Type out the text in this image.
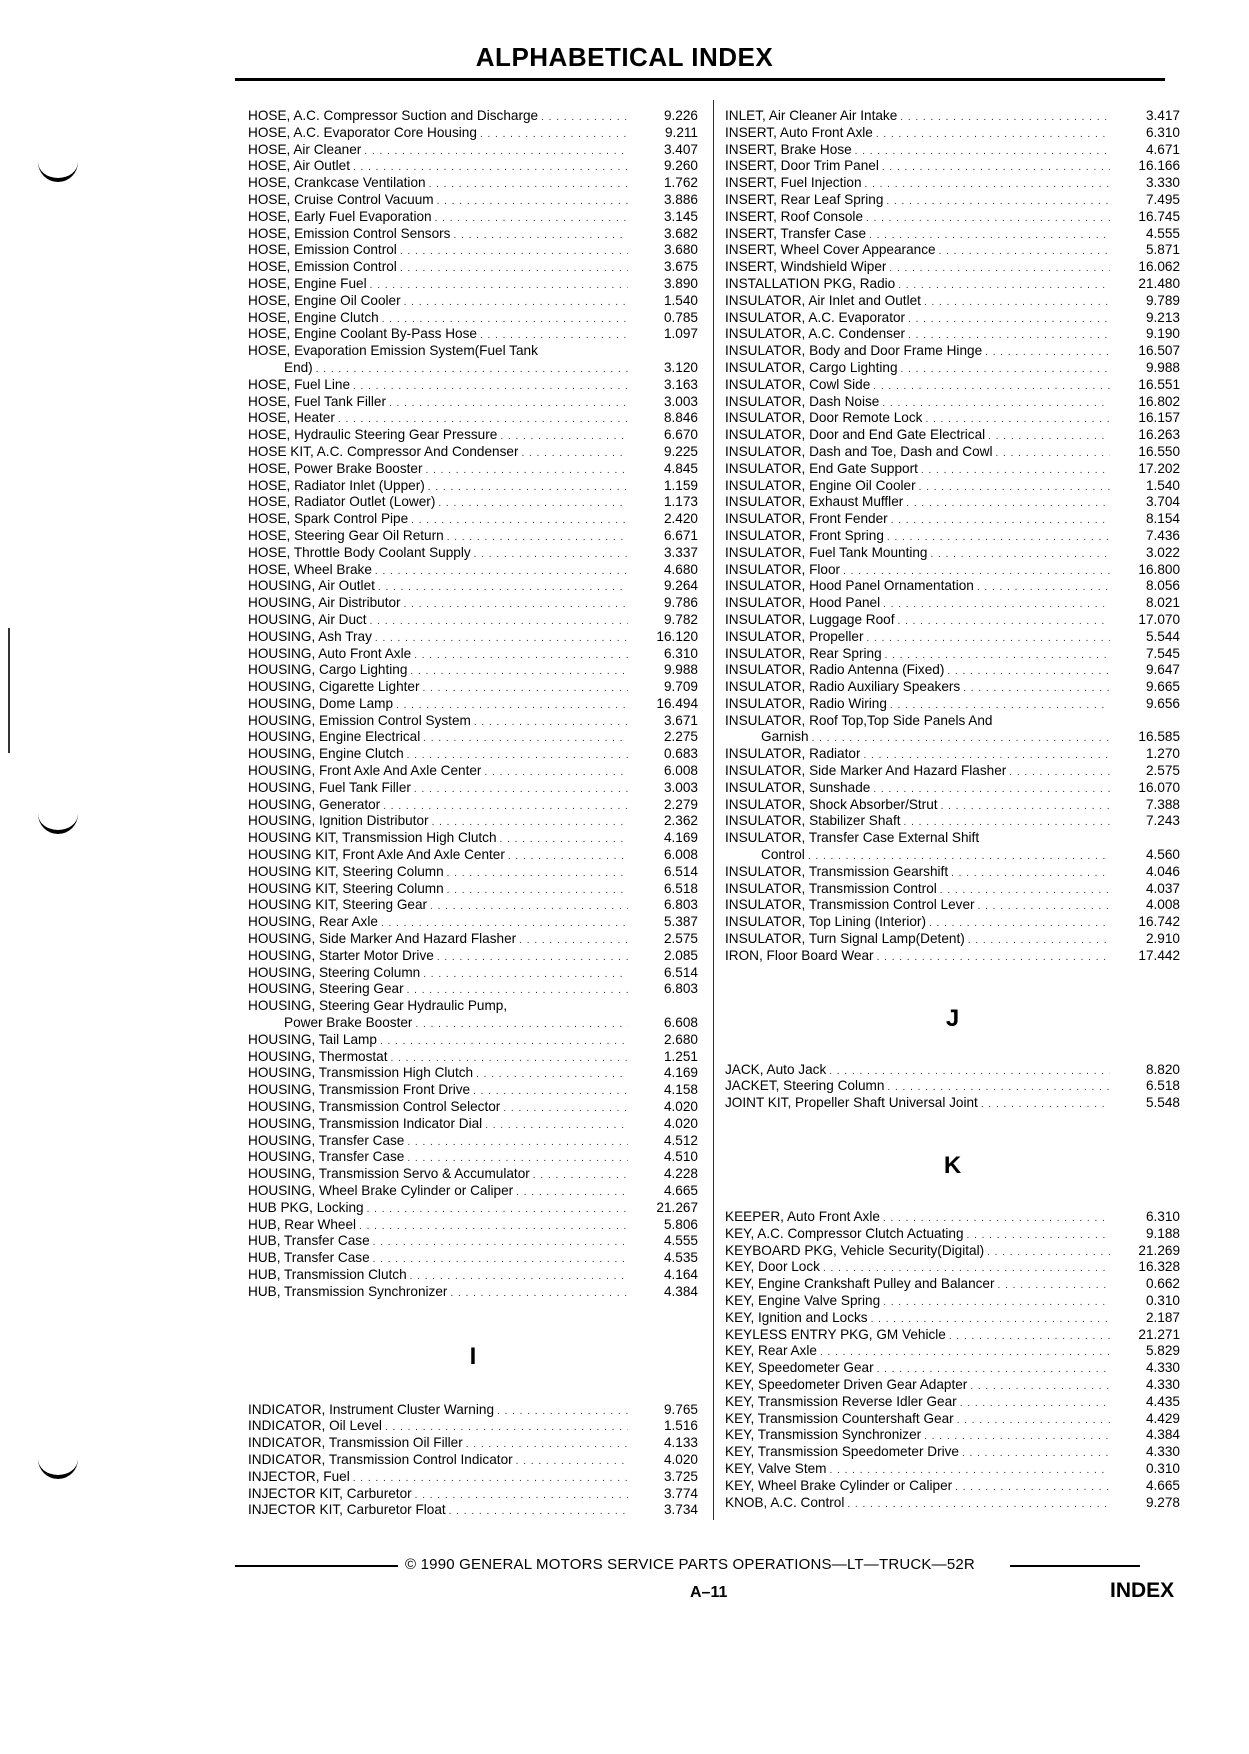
ALPHABETICAL INDEX
HOSE, A.C. Compressor Suction and Discharge . . .	9.226
HOSE, A.C. Evaporator Core Housing . . .	9.211
HOSE, Air Cleaner . . .	3.407
HOSE, Air Outlet . . .	9.260
HOSE, Crankcase Ventilation . . .	1.762
HOSE, Cruise Control Vacuum . . .	3.886
HOSE, Early Fuel Evaporation . . .	3.145
HOSE, Emission Control Sensors . . .	3.682
HOSE, Emission Control . . .	3.680
HOSE, Emission Control . . .	3.675
HOSE, Engine Fuel . . .	3.890
HOSE, Engine Oil Cooler . . .	1.540
HOSE, Engine Clutch . . .	0.785
HOSE, Engine Coolant By-Pass Hose . . .	1.097
HOSE, Evaporation Emission System(Fuel Tank
End) . . .	3.120
HOSE, Fuel Line . . .	3.163
HOSE, Fuel Tank Filler . . .	3.003
HOSE, Heater . . .	8.846
HOSE, Hydraulic Steering Gear Pressure . . .	6.670
HOSE KIT, A.C. Compressor And Condenser . . .	9.225
HOSE, Power Brake Booster . . .	4.845
HOSE, Radiator Inlet (Upper) . . .	1.159
HOSE, Radiator Outlet (Lower) . . .	1.173
HOSE, Spark Control Pipe . . .	2.420
HOSE, Steering Gear Oil Return . . .	6.671
HOSE, Throttle Body Coolant Supply . . .	3.337
HOSE, Wheel Brake . . .	4.680
HOUSING, Air Outlet . . .	9.264
HOUSING, Air Distributor . . .	9.786
HOUSING, Air Duct . . .	9.782
HOUSING, Ash Tray . . .	16.120
HOUSING, Auto Front Axle . . .	6.310
HOUSING, Cargo Lighting . . .	9.988
HOUSING, Cigarette Lighter . . .	9.709
HOUSING, Dome Lamp . . .	16.494
HOUSING, Emission Control System . . .	3.671
HOUSING, Engine Electrical . . .	2.275
HOUSING, Engine Clutch . . .	0.683
HOUSING, Front Axle And Axle Center . . .	6.008
HOUSING, Fuel Tank Filler . . .	3.003
HOUSING, Generator . . .	2.279
HOUSING, Ignition Distributor . . .	2.362
HOUSING KIT, Transmission High Clutch . . .	4.169
HOUSING KIT, Front Axle And Axle Center . . .	6.008
HOUSING KIT, Steering Column . . .	6.514
HOUSING KIT, Steering Column . . .	6.518
HOUSING KIT, Steering Gear . . .	6.803
HOUSING, Rear Axle . . .	5.387
HOUSING, Side Marker And Hazard Flasher . . .	2.575
HOUSING, Starter Motor Drive . . .	2.085
HOUSING, Steering Column . . .	6.514
HOUSING, Steering Gear . . .	6.803
HOUSING, Steering Gear Hydraulic Pump,
Power Brake Booster . . .	6.608
HOUSING, Tail Lamp . . .	2.680
HOUSING, Thermostat . . .	1.251
HOUSING, Transmission High Clutch . . .	4.169
HOUSING, Transmission Front Drive . . .	4.158
HOUSING, Transmission Control Selector . . .	4.020
HOUSING, Transmission Indicator Dial . . .	4.020
HOUSING, Transfer Case . . .	4.512
HOUSING, Transfer Case . . .	4.510
HOUSING, Transmission Servo & Accumulator . . .	4.228
HOUSING, Wheel Brake Cylinder or Caliper . . .	4.665
HUB PKG, Locking . . .	21.267
HUB, Rear Wheel . . .	5.806
HUB, Transfer Case . . .	4.555
HUB, Transfer Case . . .	4.535
HUB, Transmission Clutch . . .	4.164
HUB, Transmission Synchronizer . . .	4.384
I
INDICATOR, Instrument Cluster Warning . . .	9.765
INDICATOR, Oil Level . . .	1.516
INDICATOR, Transmission Oil Filler . . .	4.133
INDICATOR, Transmission Control Indicator . . .	4.020
INJECTOR, Fuel . . .	3.725
INJECTOR KIT, Carburetor . . .	3.774
INJECTOR KIT, Carburetor Float . . .	3.734
INLET, Air Cleaner Air Intake . . .	3.417
INSERT, Auto Front Axle . . .	6.310
INSERT, Brake Hose . . .	4.671
INSERT, Door Trim Panel . . .	16.166
INSERT, Fuel Injection . . .	3.330
INSERT, Rear Leaf Spring . . .	7.495
INSERT, Roof Console . . .	16.745
INSERT, Transfer Case . . .	4.555
INSERT, Wheel Cover Appearance . . .	5.871
INSERT, Windshield Wiper . . .	16.062
INSTALLATION PKG, Radio . . .	21.480
INSULATOR, Air Inlet and Outlet . . .	9.789
INSULATOR, A.C. Evaporator . . .	9.213
INSULATOR, A.C. Condenser . . .	9.190
INSULATOR, Body and Door Frame Hinge . . .	16.507
INSULATOR, Cargo Lighting . . .	9.988
INSULATOR, Cowl Side . . .	16.551
INSULATOR, Dash Noise . . .	16.802
INSULATOR, Door Remote Lock . . .	16.157
INSULATOR, Door and End Gate Electrical . . .	16.263
INSULATOR, Dash and Toe, Dash and Cowl . . .	16.550
INSULATOR, End Gate Support . . .	17.202
INSULATOR, Engine Oil Cooler . . .	1.540
INSULATOR, Exhaust Muffler . . .	3.704
INSULATOR, Front Fender . . .	8.154
INSULATOR, Front Spring . . .	7.436
INSULATOR, Fuel Tank Mounting . . .	3.022
INSULATOR, Floor . . .	16.800
INSULATOR, Hood Panel Ornamentation . . .	8.056
INSULATOR, Hood Panel . . .	8.021
INSULATOR, Luggage Roof . . .	17.070
INSULATOR, Propeller . . .	5.544
INSULATOR, Rear Spring . . .	7.545
INSULATOR, Radio Antenna (Fixed) . . .	9.647
INSULATOR, Radio Auxiliary Speakers . . .	9.665
INSULATOR, Radio Wiring . . .	9.656
INSULATOR, Roof Top,Top Side Panels And
Garnish . . .	16.585
INSULATOR, Radiator . . .	1.270
INSULATOR, Side Marker And Hazard Flasher . . .	2.575
INSULATOR, Sunshade . . .	16.070
INSULATOR, Shock Absorber/Strut . . .	7.388
INSULATOR, Stabilizer Shaft . . .	7.243
INSULATOR, Transfer Case External Shift
Control . . .	4.560
INSULATOR, Transmission Gearshift . . .	4.046
INSULATOR, Transmission Control . . .	4.037
INSULATOR, Transmission Control Lever . . .	4.008
INSULATOR, Top Lining (Interior) . . .	16.742
INSULATOR, Turn Signal Lamp(Detent) . . .	2.910
IRON, Floor Board Wear . . .	17.442
J
JACK, Auto Jack . . .	8.820
JACKET, Steering Column . . .	6.518
JOINT KIT, Propeller Shaft Universal Joint . . .	5.548
K
KEEPER, Auto Front Axle . . .	6.310
KEY, A.C. Compressor Clutch Actuating . . .	9.188
KEYBOARD PKG, Vehicle Security(Digital) . . .	21.269
KEY, Door Lock . . .	16.328
KEY, Engine Crankshaft Pulley and Balancer . . .	0.662
KEY, Engine Valve Spring . . .	0.310
KEY, Ignition and Locks . . .	2.187
KEYLESS ENTRY PKG, GM Vehicle . . .	21.271
KEY, Rear Axle . . .	5.829
KEY, Speedometer Gear . . .	4.330
KEY, Speedometer Driven Gear Adapter . . .	4.330
KEY, Transmission Reverse Idler Gear . . .	4.435
KEY, Transmission Countershaft Gear . . .	4.429
KEY, Transmission Synchronizer . . .	4.384
KEY, Transmission Speedometer Drive . . .	4.330
KEY, Valve Stem . . .	0.310
KEY, Wheel Brake Cylinder or Caliper . . .	4.665
KNOB, A.C. Control . . .	9.278
© 1990 GENERAL MOTORS SERVICE PARTS OPERATIONS—LT—TRUCK—52R
A–11	INDEX
